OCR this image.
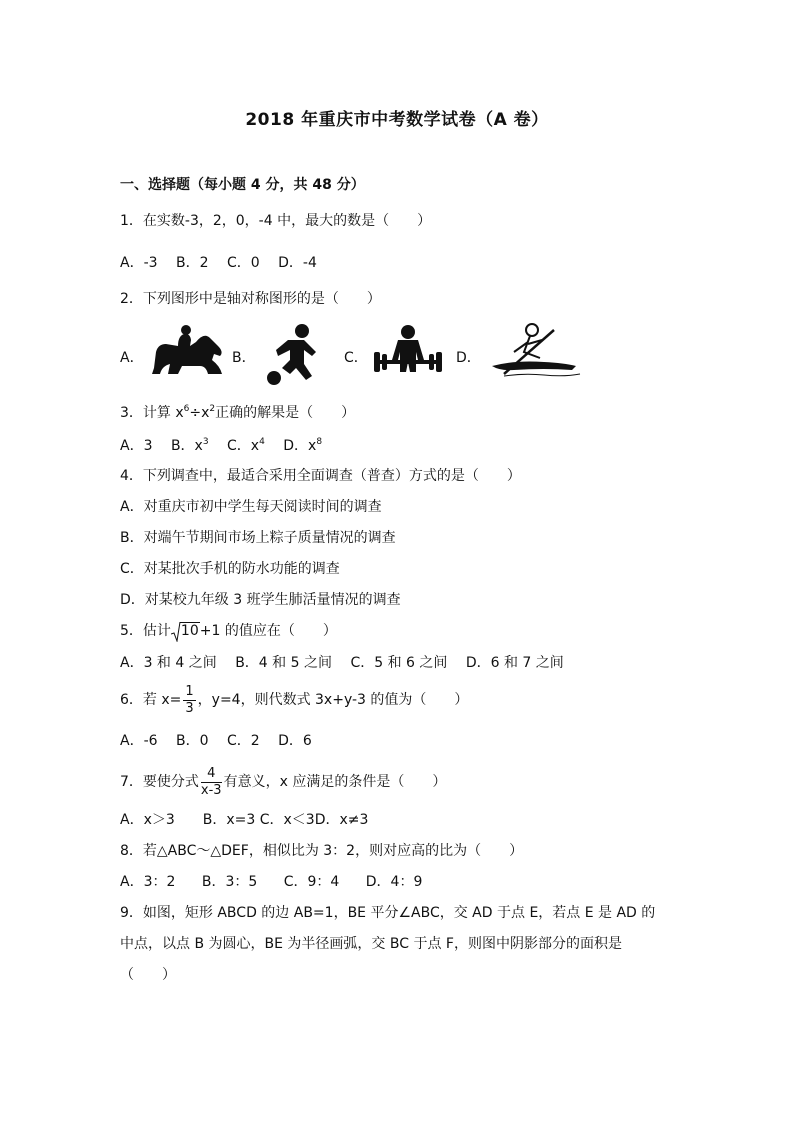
2018 年重庆市中考数学试卷（A 卷）
一、选择题（每小题 4 分，共 48 分）
1．在实数-3，2，0，-4 中，最大的数是（　　）
A．-3 B．2 C．0 D．-4
2．下列图形中是轴对称图形的是（　　）
A．	B．	C．	D．
3．计算 $x^6\div x^2$正确的解果是（　　）
A．3 B．$x^3$ C．$x^4$ D．$x^8$
4．下列调查中，最适合采用全面调查（普查）方式的是（　　）
A．对重庆市初中学生每天阅读时间的调查
B．对端午节期间市场上粽子质量情况的调查
C．对某批次手机的防水功能的调查
D．对某校九年级 3 班学生肺活量情况的调查
5．估计 10+1 的值应在（　　）
A．3 和 4 之间 B．4 和 5 之间 C．5 和 6 之间 D．6 和 7 之间
6．若 $x= \frac{1}{3}$ ，y=4，则代数式 3x+y-3 的值为（　　）
A．-6 B．0 C．2 D．6
7．要使分式 $\frac{4}{x-3}$ 有意义，x 应满足的条件是（　　）
A．x＞3　　B．x=3 C．x＜3D．x≠3
8．若△ABC～△DEF，相似比为 3：2，则对应高的比为（　　）
A．3：2 B．3：5 C．9：4 D．4：9
9．如图，矩形 ABCD 的边 AB=1，BE 平分∠ABC，交 AD 于点 E，若点 E 是 AD 的
中点，以点 B 为圆心，BE 为半径画弧，交 BC 于点 F，则图中阴影部分的面积是
（　　）
